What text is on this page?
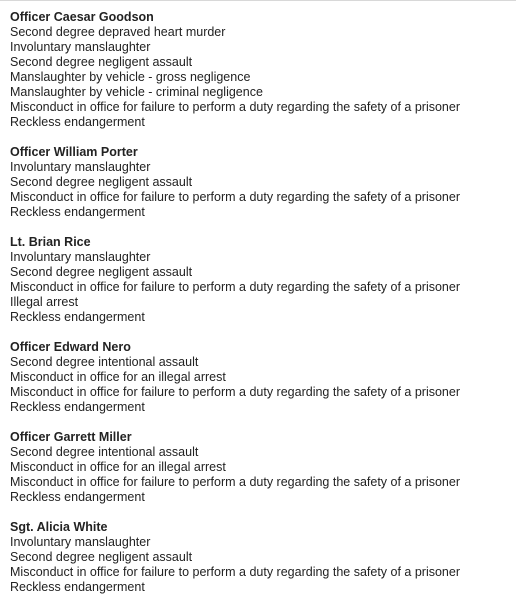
Officer Caesar Goodson
Second degree depraved heart murder
Involuntary manslaughter
Second degree negligent assault
Manslaughter by vehicle - gross negligence
Manslaughter by vehicle - criminal negligence
Misconduct in office for failure to perform a duty regarding the safety of a prisoner
Reckless endangerment
Officer William Porter
Involuntary manslaughter
Second degree negligent assault
Misconduct in office for failure to perform a duty regarding the safety of a prisoner
Reckless endangerment
Lt. Brian Rice
Involuntary manslaughter
Second degree negligent assault
Misconduct in office for failure to perform a duty regarding the safety of a prisoner
Illegal arrest
Reckless endangerment
Officer Edward Nero
Second degree intentional assault
Misconduct in office for an illegal arrest
Misconduct in office for failure to perform a duty regarding the safety of a prisoner
Reckless endangerment
Officer Garrett Miller
Second degree intentional assault
Misconduct in office for an illegal arrest
Misconduct in office for failure to perform a duty regarding the safety of a prisoner
Reckless endangerment
Sgt. Alicia White
Involuntary manslaughter
Second degree negligent assault
Misconduct in office for failure to perform a duty regarding the safety of a prisoner
Reckless endangerment
